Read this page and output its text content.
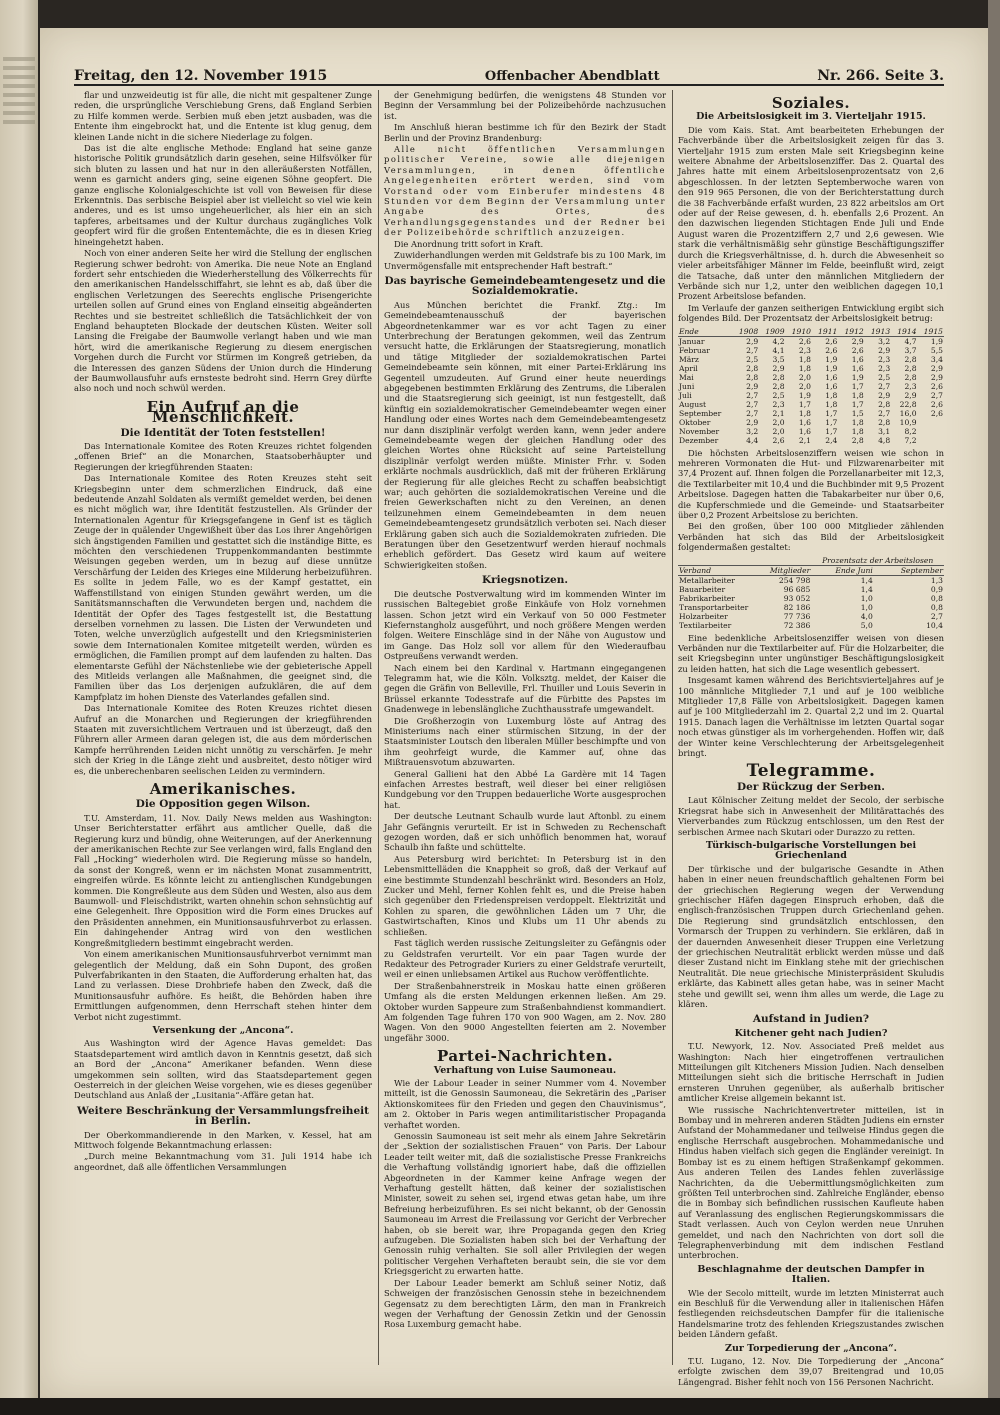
Freitag, den 12. November 1915	Offenbacher Abendblatt	Nr. 266. Seite 3.

flar und unzweideutig ist für alle, die nicht mit gespaltener Zunge reden, die ursprüngliche Verschiebung Grens, daß England Serbien zu Hilfe kommen werde. Serbien muß eben jetzt ausbaden, was die Entente ihm eingebrockt hat, und die Entente ist klug genug, dem kleinen Lande nicht in die sichere Niederlage zu folgen.

Das ist die alte englische Methode: England hat seine ganze historische Politik grundsätzlich darin gesehen, seine Hilfsvölker für sich bluten zu lassen und hat nur in den alleräußersten Notfällen, wenn es garnicht anders ging, seine eigenen Söhne geopfert. Die ganze englische Kolonialgeschichte ist voll von Beweisen für diese Erkenntnis. Das serbische Beispiel aber ist vielleicht so viel wie kein anderes, und es ist umso ungeheuerlicher, als hier ein an sich tapferes, arbeitsames und der Kultur durchaus zugängliches Volk geopfert wird für die großen Ententemächte, die es in diesen Krieg hineingehetzt haben.

Noch von einer anderen Seite her wird die Stellung der englischen Regierung schwer bedroht: von Amerika. Die neue Note an England fordert sehr entschieden die Wiederherstellung des Völkerrechts für den amerikanischen Handelsschiffahrt, sie lehnt es ab, daß über die englischen Verletzungen des Seerechts englische Prisengerichte urteilen sollen auf Grund eines von England einseitig abgeänderten Rechtes und sie bestreitet schließlich die Tatsächlichkeit der von England behaupteten Blockade der deutschen Küsten. Weiter soll Lansing die Freigabe der Baumwolle verlangt haben und wie man hört, wird die amerikanische Regierung zu diesem energischen Vorgehen durch die Furcht vor Stürmen im Kongreß getrieben, da die Interessen des ganzen Südens der Union durch die Hinderung der Baumwollausfuhr aufs ernsteste bedroht sind. Herrn Grey dürfte also noch und noch schwül werden.

Ein Aufruf an die Menschlichkeit.
Die Identität der Toten feststellen!

Das Internationale Komitee des Roten Kreuzes richtet folgenden „offenen Brief“ an die Monarchen, Staatsoberhäupter und Regierungen der kriegführenden Staaten:

Das Internationale Komitee des Roten Kreuzes steht seit Kriegsbeginn unter dem schmerzlichen Eindruck, daß eine bedeutende Anzahl Soldaten als vermißt gemeldet werden, bei denen es nicht möglich war, ihre Identität festzustellen. Als Gründer der Internationalen Agentur für Kriegsgefangene in Genf ist es täglich Zeuge der in quälender Ungewißheit über das Los ihrer Angehörigen sich ängstigenden Familien und gestattet sich die inständige Bitte, es möchten den verschiedenen Truppenkommandanten bestimmte Weisungen gegeben werden, um in bezug auf diese unnütze Verschärfung der Leiden des Krieges eine Milderung herbeizuführen. Es sollte in jedem Falle, wo es der Kampf gestattet, ein Waffenstillstand von einigen Stunden gewährt werden, um die Sanitätsmannschaften die Verwundeten bergen und, nachdem die Identität der Opfer des Tages festgestellt ist, die Bestattung derselben vornehmen zu lassen. Die Listen der Verwundeten und Toten, welche unverzüglich aufgestellt und den Kriegsministerien sowie dem Internationalen Komitee mitgeteilt werden, würden es ermöglichen, die Familien prompt auf dem laufenden zu halten. Das elementarste Gefühl der Nächstenliebe wie der gebieterische Appell des Mitleids verlangen alle Maßnahmen, die geeignet sind, die Familien über das Los derjenigen aufzuklären, die auf dem Kampfplatz im hohen Dienste des Vaterlandes gefallen sind.

Das Internationale Komitee des Roten Kreuzes richtet diesen Aufruf an die Monarchen und Regierungen der kriegführenden Staaten mit zuversichtlichem Vertrauen und ist überzeugt, daß den Führern aller Armeen daran gelegen ist, die aus dem mörderischen Kampfe herrührenden Leiden nicht unnötig zu verschärfen. Je mehr sich der Krieg in die Länge zieht und ausbreitet, desto nötiger wird es, die unberechenbaren seelischen Leiden zu vermindern.

Amerikanisches.
Die Opposition gegen Wilson.

T.U. Amsterdam, 11. Nov. Daily News melden aus Washington: Unser Berichterstatter erfährt aus amtlicher Quelle, daß die Regierung kurz und bündig, ohne Weiterungen, auf der Anerkennung der amerikanischen Rechte zur See verlangen wird, falls England den Fall „Hocking“ wiederholen wird. Die Regierung müsse so handeln, da sonst der Kongreß, wenn er im nächsten Monat zusammentritt, eingreifen würde. Es könnte leicht zu antienglischen Kundgebungen kommen. Die Kongreßleute aus dem Süden und Westen, also aus dem Baumwoll- und Fleischdistrikt, warten ohnehin schon sehnsüchtig auf eine Gelegenheit. Ihre Opposition wird die Form eines Druckes auf den Präsidenten annehmen, ein Munitionsausfuhrverbot zu erlassen. Ein dahingehender Antrag wird von den westlichen Kongreßmitgliedern bestimmt eingebracht werden.

Von einem amerikanischen Munitionsausfuhrverbot vernimmt man gelegentlich der Meldung, daß ein Sohn Dupont, des großen Pulverfabrikanten in den Staaten, die Aufforderung erhalten hat, das Land zu verlassen. Diese Drohbriefe haben den Zweck, daß die Munitionsausfuhr aufhöre. Es heißt, die Behörden haben ihre Ermittlungen aufgenommen, denn Herrschaft stehen hinter dem Verbot nicht zugestimmt.

Versenkung der „Ancona“.

Aus Washington wird der Agence Havas gemeldet: Das Staatsdepartement wird amtlich davon in Kenntnis gesetzt, daß sich an Bord der „Ancona“ Amerikaner befanden. Wenn diese umgekommen sein sollten, wird das Staatsdepartement gegen Oesterreich in der gleichen Weise vorgehen, wie es dieses gegenüber Deutschland aus Anlaß der „Lusitania“-Affäre getan hat.

Weitere Beschränkung der Versammlungsfreiheit in Berlin.

Der Oberkommandierende in den Marken, v. Kessel, hat am Mittwoch folgende Bekanntmachung erlassen:

„Durch meine Bekanntmachung vom 31. Juli 1914 habe ich angeordnet, daß alle öffentlichen Versammlungen

der Genehmigung bedürfen, die wenigstens 48 Stunden vor Beginn der Versammlung bei der Polizeibehörde nachzusuchen ist.

Im Anschluß hieran bestimme ich für den Bezirk der Stadt Berlin und der Provinz Brandenburg:

Alle nicht öffentlichen Versammlungen politischer Vereine, sowie alle diejenigen Versammlungen, in denen öffentliche Angelegenheiten erörtert werden, sind vom Vorstand oder vom Einberufer mindestens 48 Stunden vor dem Beginn der Versammlung unter Angabe des Ortes, des Verhandlungsgegenstandes und der Redner bei der Polizeibehörde schriftlich anzuzeigen.

Die Anordnung tritt sofort in Kraft.

Zuwiderhandlungen werden mit Geldstrafe bis zu 100 Mark, im Unvermögensfalle mit entsprechender Haft bestraft.“

Das bayrische Gemeindebeamtengesetz und die Sozialdemokratie.

Aus München berichtet die Frankf. Ztg.: Im Gemeindebeamtenausschuß der bayerischen Abgeordnetenkammer war es vor acht Tagen zu einer Unterbrechung der Beratungen gekommen, weil das Zentrum versucht hatte, die Erklärungen der Staatsregierung, monatlich und tätige Mitglieder der sozialdemokratischen Partei Gemeindebeamte sein können, mit einer Partei-Erklärung ins Gegenteil umzudeuten. Auf Grund einer heute neuerdings abgegebenen bestimmten Erklärung des Zentrums, die Liberalen und die Staatsregierung sich geeinigt, ist nun festgestellt, daß künftig ein sozialdemokratischer Gemeindebeamter wegen einer Handlung oder eines Wortes nach dem Gemeindebeamtengesetz nur dann disziplinär verfolgt werden kann, wenn jeder andere Gemeindebeamte wegen der gleichen Handlung oder des gleichen Wortes ohne Rücksicht auf seine Parteistellung disziplinär verfolgt werden müßte. Minister Frhr. v. Soden erklärte nochmals ausdrücklich, daß mit der früheren Erklärung der Regierung für alle gleiches Recht zu schaffen beabsichtigt war; auch gehörten die sozialdemokratischen Vereine und die freien Gewerkschaften nicht zu den Vereinen, an denen teilzunehmen einem Gemeindebeamten in dem neuen Gemeindebeamtengesetz grundsätzlich verboten sei. Nach dieser Erklärung gaben sich auch die Sozialdemokraten zufrieden. Die Beratungen über den Gesetzentwurf werden hierauf nochmals erheblich gefördert. Das Gesetz wird kaum auf weitere Schwierigkeiten stoßen.

Kriegsnotizen.

Die deutsche Postverwaltung wird im kommenden Winter im russischen Baltegebiet große Einkäufe von Holz vornehmen lassen. Schon jetzt wird ein Verkauf von 50 000 Festmeter Kiefernstangholz ausgeführt, und noch größere Mengen werden folgen. Weitere Einschläge sind in der Nähe von Augustow und im Gange. Das Holz soll vor allem für den Wiederaufbau Ostpreußens verwandt werden.

Nach einem bei den Kardinal v. Hartmann eingegangenen Telegramm hat, wie die Köln. Volksztg. meldet, der Kaiser die gegen die Gräfin von Belleville, Frl. Thuiller und Louis Severin in Brüssel erkannte Todesstrafe auf die Fürbitte des Papstes im Gnadenwege in lebenslängliche Zuchthausstrafe umgewandelt.

Die Großherzogin von Luxemburg löste auf Antrag des Ministeriums nach einer stürmischen Sitzung, in der der Staatsminister Loutsch den liberalen Müller beschimpfte und von ihm geohrfeigt wurde, die Kammer auf, ohne das Mißtrauensvotum abzuwarten.

General Gallieni hat den Abbé La Gardère mit 14 Tagen einfachen Arrestes bestraft, weil dieser bei einer religiösen Kundgebung vor den Truppen bedauerliche Worte ausgesprochen hat.

Der deutsche Leutnant Schaulb wurde laut Aftonbl. zu einem Jahr Gefängnis verurteilt. Er ist in Schweden zu Rechenschaft gezogen worden, daß er sich unhöflich benommen hat, worauf Schaulb ihn faßte und schüttelte.

Aus Petersburg wird berichtet: In Petersburg ist in den Lebensmittelläden die Knappheit so groß, daß der Verkauf auf eine bestimmte Stundenzahl beschränkt wird. Besonders an Holz, Zucker und Mehl, ferner Kohlen fehlt es, und die Preise haben sich gegenüber den Friedenspreisen verdoppelt. Elektrizität und Kohlen zu sparen, die gewöhnlichen Läden um 7 Uhr, die Gastwirtschaften, Kinos und Klubs um 11 Uhr abends zu schließen.

Fast täglich werden russische Zeitungsleiter zu Gefängnis oder zu Geldstrafen verurteilt. Vor ein paar Tagen wurde der Redakteur des Petrograder Kuriers zu einer Geldstrafe verurteilt, weil er einen unliebsamen Artikel aus Ruchow veröffentlichte.

Der Straßenbahnerstreik in Moskau hatte einen größeren Umfang als die ersten Meldungen erkennen ließen. Am 29. Oktober wurden Sappeure zum Straßenbahndienst kommandiert. Am folgenden Tage fuhren 170 von 900 Wagen, am 2. Nov. 280 Wagen. Von den 9000 Angestellten feierten am 2. November ungefähr 3000.

Partei-Nachrichten.
Verhaftung von Luise Saumoneau.

Wie der Labour Leader in seiner Nummer vom 4. November mitteilt, ist die Genossin Saumoneau, die Sekretärin des „Pariser Aktionskomitees für den Frieden und gegen den Chauvinismus“, am 2. Oktober in Paris wegen antimilitaristischer Propaganda verhaftet worden.

Genossin Saumoneau ist seit mehr als einem Jahre Sekretärin der „Sektion der sozialistischen Frauen“ von Paris. Der Labour Leader teilt weiter mit, daß die sozialistische Presse Frankreichs die Verhaftung vollständig ignoriert habe, daß die offiziellen Abgeordneten in der Kammer keine Anfrage wegen der Verhaftung gestellt hätten, daß keiner der sozialistischen Minister, soweit zu sehen sei, irgend etwas getan habe, um ihre Befreiung herbeizuführen. Es sei nicht bekannt, ob der Genossin Saumoneau im Arrest die Freilassung vor Gericht der Verbrecher haben, ob sie bereit war, ihre Propaganda gegen den Krieg aufzugeben. Die Sozialisten haben sich bei der Verhaftung der Genossin ruhig verhalten. Sie soll aller Privilegien der wegen politischer Vergehen Verhafteten beraubt sein, die sie vor dem Kriegsgericht zu erwarten hatte.

Der Labour Leader bemerkt am Schluß seiner Notiz, daß Schweigen der französischen Genossin stehe in bezeichnendem Gegensatz zu dem berechtigten Lärm, den man in Frankreich wegen der Verhaftung der Genossin Zetkin und der Genossin Rosa Luxemburg gemacht habe.

Soziales.
Die Arbeitslosigkeit im 3. Vierteljahr 1915.

Die vom Kais. Stat. Amt bearbeiteten Erhebungen der Fachverbände über die Arbeitslosigkeit zeigen für das 3. Vierteljahr 1915 zum ersten Male seit Kriegsbeginn keine weitere Abnahme der Arbeitslosenziffer. Das 2. Quartal des Jahres hatte mit einem Arbeitslosenprozentsatz von 2,6 abgeschlossen. In der letzten Septemberwoche waren von den 919 965 Personen, die von der Berichterstattung durch die 38 Fachverbände erfaßt wurden, 23 822 arbeitslos am Ort oder auf der Reise gewesen, d. h. ebenfalls 2,6 Prozent. An den dazwischen liegenden Stichtagen Ende Juli und Ende August waren die Prozentziffern 2,7 und 2,6 gewesen. Wie stark die verhältnismäßig sehr günstige Beschäftigungsziffer durch die Kriegsverhältnisse, d. h. durch die Abwesenheit so vieler arbeitsfähiger Männer im Felde, beeinflußt wird, zeigt die Tatsache, daß unter den männlichen Mitgliedern der Verbände sich nur 1,2, unter den weiblichen dagegen 10,1 Prozent Arbeitslose befanden.

Im Verlaufe der ganzen seitherigen Entwicklung ergibt sich folgendes Bild. Der Prozentsatz der Arbeitslosigkeit betrug:

Ende	1908	1909	1910	1911	1912	1913	1914	1915
Januar	2,9	4,2	2,6	2,6	2,9	3,2	4,7	1,9
Februar	2,7	4,1	2,3	2,6	2,6	2,9	3,7	5,5
März	2,5	3,5	1,8	1,9	1,6	2,3	2,8	3,4
April	2,8	2,9	1,8	1,9	1,6	2,3	2,8	2,9
Mai	2,8	2,8	2,0	1,6	1,9	2,5	2,8	2,9
Juni	2,9	2,8	2,0	1,6	1,7	2,7	2,3	2,6
Juli	2,7	2,5	1,9	1,8	1,8	2,9	2,9	2,7
August	2,7	2,3	1,7	1,8	1,7	2,8	22,8	2,6
September	2,7	2,1	1,8	1,7	1,5	2,7	16,0	2,6
Oktober	2,9	2,0	1,6	1,7	1,8	2,8	10,9	
November	3,2	2,0	1,6	1,7	1,8	3,1	8,2	
Dezember	4,4	2,6	2,1	2,4	2,8	4,8	7,2	

Die höchsten Arbeitslosenziffern weisen wie schon in mehreren Vormonaten die Hut- und Filzwarenarbeiter mit 37,4 Prozent auf. Ihnen folgen die Porzellanarbeiter mit 12,3, die Textilarbeiter mit 10,4 und die Buchbinder mit 9,5 Prozent Arbeitslose. Dagegen hatten die Tabakarbeiter nur über 0,6, die Kupferschmiede und die Gemeinde- und Staatsarbeiter über 0,2 Prozent Arbeitslose zu berichten.

Bei den großen, über 100 000 Mitglieder zählenden Verbänden hat sich das Bild der Arbeitslosigkeit folgendermaßen gestaltet:

		Prozentsatz der Arbeitslosen	
Verband	Mitglieder	Ende Juni	September
Metallarbeiter	254 798	1,4	1,3
Bauarbeiter	96 685	1,4	0,9
Fabrikarbeiter	93 052	1,0	0,8
Transportarbeiter	82 186	1,0	0,8
Holzarbeiter	77 736	4,0	2,7
Textilarbeiter	72 386	5,0	10,4

Eine bedenkliche Arbeitslosenziffer weisen von diesen Verbänden nur die Textilarbeiter auf. Für die Holzarbeiter, die seit Kriegsbeginn unter ungünstiger Beschäftigungslosigkeit zu leiden hatten, hat sich die Lage wesentlich gebessert.

Insgesamt kamen während des Berichtsvierteljahres auf je 100 männliche Mitglieder 7,1 und auf je 100 weibliche Mitglieder 17,8 Fälle von Arbeitslosigkeit. Dagegen kamen auf je 100 Mitgliederzahl im 2. Quartal 2,2 und im 2. Quartal 1915. Danach lagen die Verhältnisse im letzten Quartal sogar noch etwas günstiger als im vorhergehenden. Hoffen wir, daß der Winter keine Verschlechterung der Arbeitsgelegenheit bringt.

Telegramme.
Der Rückzug der Serben.

Laut Kölnischer Zeitung meldet der Secolo, der serbische Kriegsrat habe sich in Anwesenheit der Militärattachés des Vierverbandes zum Rückzug entschlossen, um den Rest der serbischen Armee nach Skutari oder Durazzo zu retten.

Türkisch-bulgarische Vorstellungen bei Griechenland

Der türkische und der bulgarische Gesandte in Athen haben in einer neuen freundschaftlich gehaltenen Form bei der griechischen Regierung wegen der Verwendung griechischer Häfen dagegen Einspruch erhoben, daß die englisch-französischen Truppen durch Griechenland gehen. Die Regierung sind grundsätzlich entschlossen, den Vormarsch der Truppen zu verhindern. Sie erklären, daß in der dauernden Anwesenheit dieser Truppen eine Verletzung der griechischen Neutralität erblickt werden müsse und daß dieser Zustand nicht im Einklang stehe mit der griechischen Neutralität. Die neue griechische Ministerpräsident Skuludis erklärte, das Kabinett alles getan habe, was in seiner Macht stehe und gewillt sei, wenn ihm alles um werde, die Lage zu klären.

Aufstand in Judien?
Kitchener geht nach Judien?

T.U. Newyork, 12. Nov. Associated Preß meldet aus Washington: Nach hier eingetroffenen vertraulichen Mitteilungen gilt Kitcheners Mission Judien. Nach denselben Mitteilungen sieht sich die britische Herrschaft in Judien ernsteren Unruhen gegenüber, als außerhalb britischer amtlicher Kreise allgemein bekannt ist.

Wie russische Nachrichtenvertreter mitteilen, ist in Bombay und in mehreren anderen Städten Judiens ein ernster Aufstand der Mohammedaner und teilweise Hindus gegen die englische Herrschaft ausgebrochen. Mohammedanische und Hindus haben vielfach sich gegen die Engländer vereinigt. In Bombay ist es zu einem heftigen Straßenkampf gekommen. Aus anderen Teilen des Landes fehlen zuverlässige Nachrichten, da die Uebermittlungsmöglichkeiten zum größten Teil unterbrochen sind. Zahlreiche Engländer, ebenso die in Bombay sich befindlichen russischen Kaufleute haben auf Veranlassung des englischen Regierungskommissars die Stadt verlassen. Auch von Ceylon werden neue Unruhen gemeldet, und nach den Nachrichten von dort soll die Telegraphenverbindung mit dem indischen Festland unterbrochen.

Beschlagnahme der deutschen Dampfer in Italien.

Wie der Secolo mitteilt, wurde im letzten Ministerrat auch ein Beschluß für die Verwendung aller in italienischen Häfen festliegenden reichsdeutschen Dampfer für die italienische Handelsmarine trotz des fehlenden Kriegszustandes zwischen beiden Ländern gefaßt.

Zur Torpedierung der „Ancona“.

T.U. Lugano, 12. Nov. Die Torpedierung der „Ancona“ erfolgte zwischen dem 39,07 Breitengrad und 10,05 Längengrad. Bisher fehlt noch von 156 Personen Nachricht.
